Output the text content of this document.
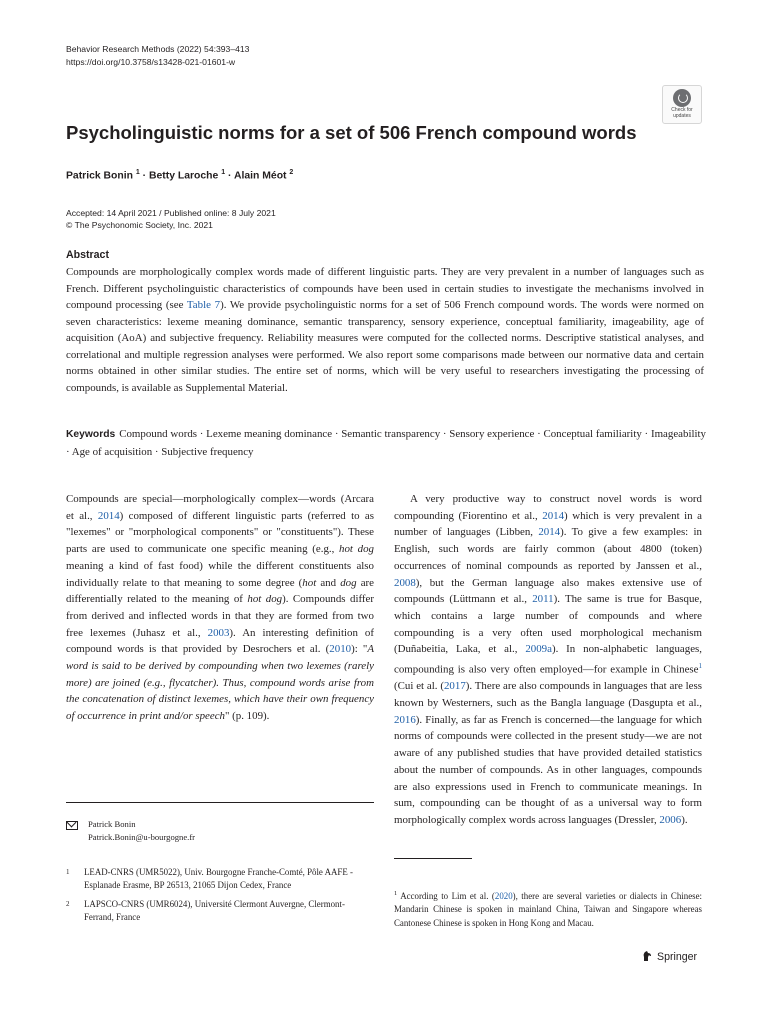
Behavior Research Methods (2022) 54:393–413
https://doi.org/10.3758/s13428-021-01601-w
Check for
updates
Psycholinguistic norms for a set of 506 French compound words
Patrick Bonin $^1$ · Betty Laroche $^1$ · Alain Méot $^2$
Accepted: 14 April 2021 / Published online: 8 July 2021
© The Psychonomic Society, Inc. 2021
Abstract
Compounds are morphologically complex words made of different linguistic parts. They are very prevalent in a number of languages such as French. Different psycholinguistic characteristics of compounds have been used in certain studies to investigate the mechanisms involved in compound processing (see Table 7). We provide psycholinguistic norms for a set of 506 French compound words. The words were normed on seven characteristics: lexeme meaning dominance, semantic transparency, sensory experience, conceptual familiarity, imageability, age of acquisition (AoA) and subjective frequency. Reliability measures were computed for the collected norms. Descriptive statistical analyses, and correlational and multiple regression analyses were performed. We also report some comparisons made between our normative data and certain norms obtained in other similar studies. The entire set of norms, which will be very useful to researchers investigating the processing of compounds, is available as Supplemental Material.
Keywords Compound words · Lexeme meaning dominance · Semantic transparency · Sensory experience · Conceptual familiarity · Imageability · Age of acquisition · Subjective frequency

Compounds are special—morphologically complex—words (Arcara et al., 2014) composed of different linguistic parts (referred to as "lexemes" or "morphological components" or "constituents"). These parts are used to communicate one specific meaning (e.g., hot dog meaning a kind of fast food) while the different constituents also individually relate to that meaning to some degree (hot and dog are differentially related to the meaning of hot dog). Compounds differ from derived and inflected words in that they are formed from two free lexemes (Juhasz et al., 2003). An interesting definition of compound words is that provided by Desrochers et al. (2010): "A word is said to be derived by compounding when two lexemes (rarely more) are joined (e.g., flycatcher). Thus, compound words arise from the concatenation of distinct lexemes, which have their own frequency of occurrence in print and/or speech" (p. 109).

A very productive way to construct novel words is word compounding (Fiorentino et al., 2014) which is very prevalent in a number of languages (Libben, 2014). To give a few examples: in English, such words are fairly common (about 4800 (token) occurrences of nominal compounds as reported by Janssen et al., 2008), but the German language also makes extensive use of compounds (Lüttmann et al., 2011). The same is true for Basque, which contains a large number of compounds and where compounding is a very often used morphological mechanism (Duñabeitia, Laka, et al., 2009a). In non-alphabetic languages, compounding is also very often employed—for example in Chinese$^1$ (Cui et al. (2017). There are also compounds in languages that are less known by Westerners, such as the Bangla language (Dasgupta et al., 2016). Finally, as far as French is concerned—the language for which norms of compounds were collected in the present study—we are not aware of any published studies that have provided detailed statistics about the number of compounds. As in other languages, compounds are also expressions used in French to communicate meanings. In sum, compounding can be thought of as a universal way to form morphologically complex words across languages (Dressler, 2006).

Patrick Bonin
Patrick.Bonin@u-bourgogne.fr
1 LEAD-CNRS (UMR5022), Univ. Bourgogne Franche-Comté, Pôle AAFE - Esplanade Erasme, BP 26513, 21065 Dijon Cedex, France
2 LAPSCO-CNRS (UMR6024), Université Clermont Auvergne, Clermont-Ferrand, France
$^1$ According to Lim et al. (2020), there are several varieties or dialects in Chinese: Mandarin Chinese is spoken in mainland China, Taiwan and Singapore whereas Cantonese Chinese is spoken in Hong Kong and Macau.
Springer
